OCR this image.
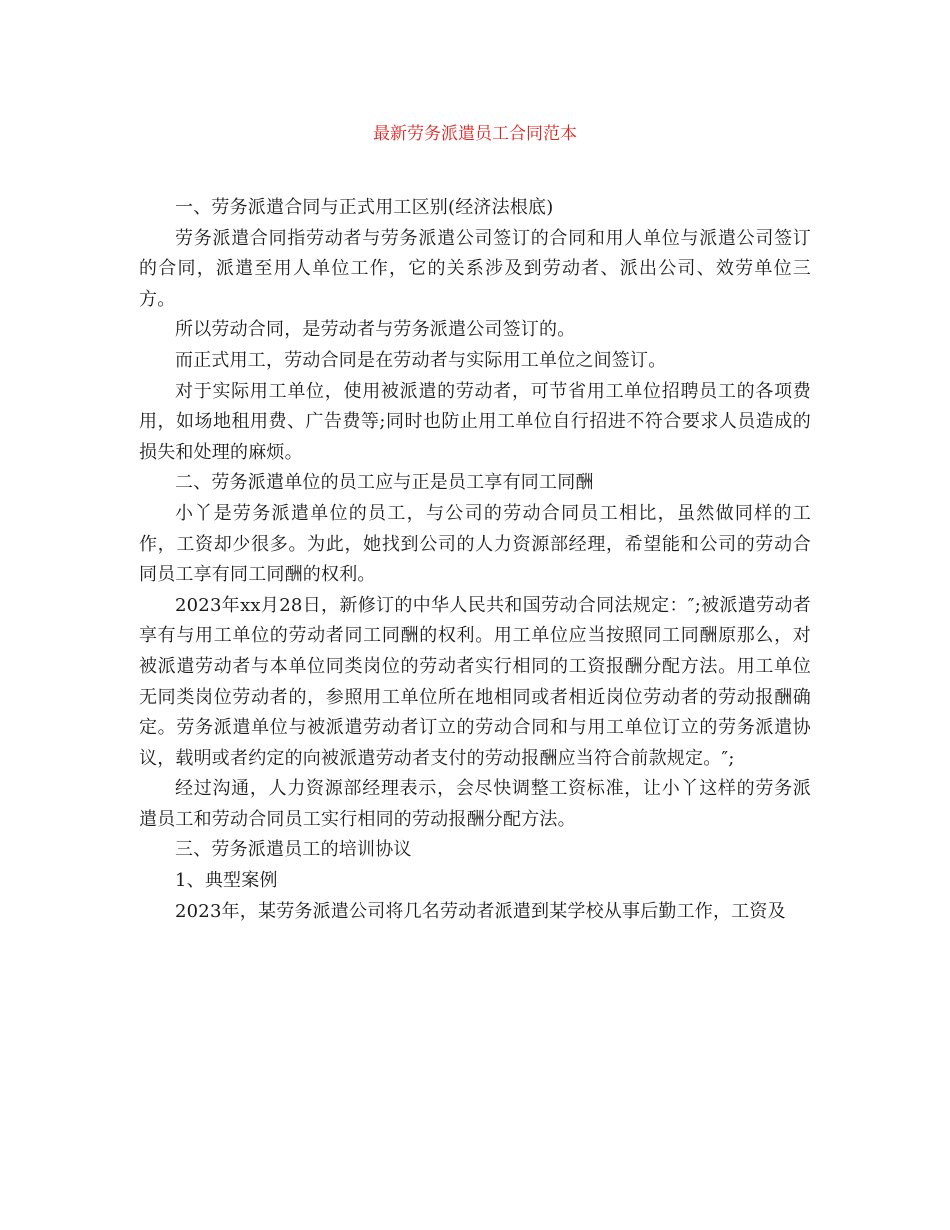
最新劳务派遣员工合同范本

一、劳务派遣合同与正式用工区别(经济法根底)

劳务派遣合同指劳动者与劳务派遣公司签订的合同和用人单位与派遣公司签订的合同，派遣至用人单位工作，它的关系涉及到劳动者、派出公司、效劳单位三方。

所以劳动合同，是劳动者与劳务派遣公司签订的。

而正式用工，劳动合同是在劳动者与实际用工单位之间签订。

对于实际用工单位，使用被派遣的劳动者，可节省用工单位招聘员工的各项费用，如场地租用费、广告费等;同时也防止用工单位自行招进不符合要求人员造成的损失和处理的麻烦。

二、劳务派遣单位的员工应与正是员工享有同工同酬

小丫是劳务派遣单位的员工，与公司的劳动合同员工相比，虽然做同样的工作，工资却少很多。为此，她找到公司的人力资源部经理，希望能和公司的劳动合同员工享有同工同酬的权利。

2023年xx月28日，新修订的中华人民共和国劳动合同法规定：″;被派遣劳动者享有与用工单位的劳动者同工同酬的权利。用工单位应当按照同工同酬原那么，对被派遣劳动者与本单位同类岗位的劳动者实行相同的工资报酬分配方法。用工单位无同类岗位劳动者的，参照用工单位所在地相同或者相近岗位劳动者的劳动报酬确定。劳务派遣单位与被派遣劳动者订立的劳动合同和与用工单位订立的劳务派遣协议，载明或者约定的向被派遣劳动者支付的劳动报酬应当符合前款规定。″;

经过沟通，人力资源部经理表示，会尽快调整工资标准，让小丫这样的劳务派遣员工和劳动合同员工实行相同的劳动报酬分配方法。

三、劳务派遣员工的培训协议

1、典型案例

2023年，某劳务派遣公司将几名劳动者派遣到某学校从事后勤工作，工资及
